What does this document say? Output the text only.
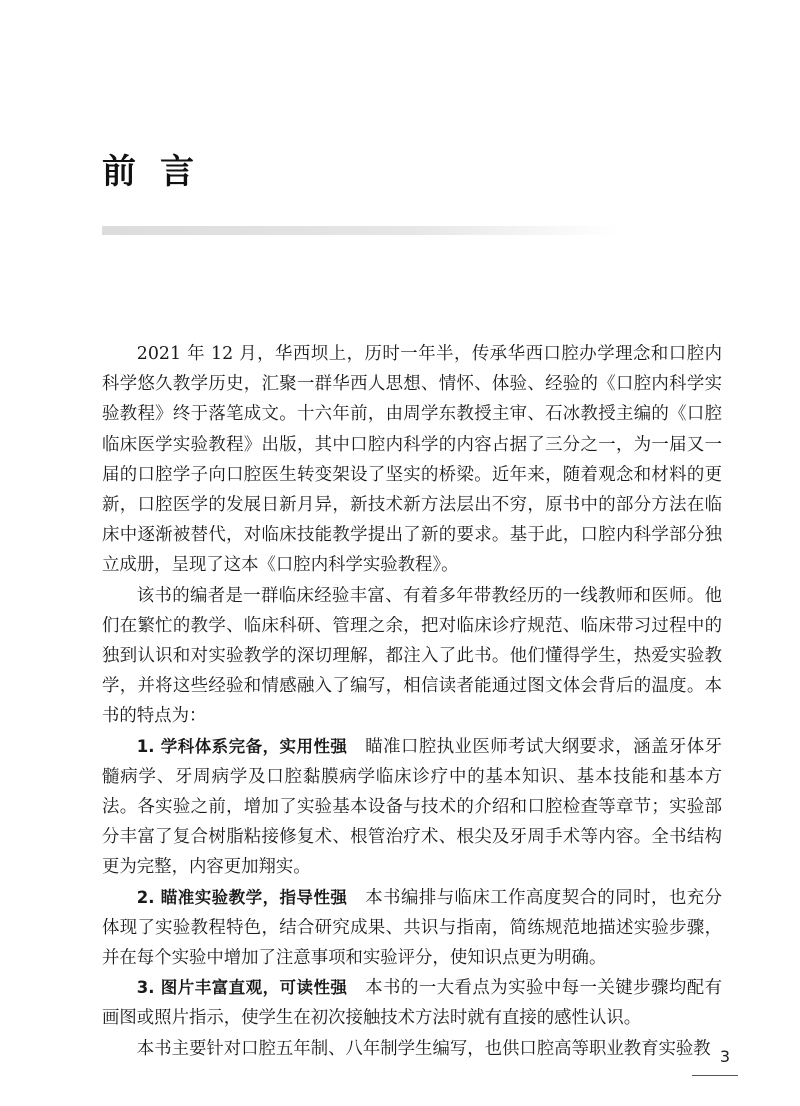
前言

2021 年 12 月，华西坝上，历时一年半，传承华西口腔办学理念和口腔内科学悠久教学历史，汇聚一群华西人思想、情怀、体验、经验的《口腔内科学实验教程》终于落笔成文。十六年前，由周学东教授主审、石冰教授主编的《口腔临床医学实验教程》出版，其中口腔内科学的内容占据了三分之一，为一届又一届的口腔学子向口腔医生转变架设了坚实的桥梁。近年来，随着观念和材料的更新，口腔医学的发展日新月异，新技术新方法层出不穷，原书中的部分方法在临床中逐渐被替代，对临床技能教学提出了新的要求。基于此，口腔内科学部分独立成册，呈现了这本《口腔内科学实验教程》。

该书的编者是一群临床经验丰富、有着多年带教经历的一线教师和医师。他们在繁忙的教学、临床科研、管理之余，把对临床诊疗规范、临床带习过程中的独到认识和对实验教学的深切理解，都注入了此书。他们懂得学生，热爱实验教学，并将这些经验和情感融入了编写，相信读者能通过图文体会背后的温度。本书的特点为：

1. 学科体系完备，实用性强　 瞄准口腔执业医师考试大纲要求，涵盖牙体牙髓病学、牙周病学及口腔黏膜病学临床诊疗中的基本知识、基本技能和基本方法。各实验之前，增加了实验基本设备与技术的介绍和口腔检查等章节；实验部分丰富了复合树脂粘接修复术、根管治疗术、根尖及牙周手术等内容。全书结构更为完整，内容更加翔实。

2. 瞄准实验教学，指导性强　 本书编排与临床工作高度契合的同时，也充分体现了实验教程特色，结合研究成果、共识与指南，简练规范地描述实验步骤，并在每个实验中增加了注意事项和实验评分，使知识点更为明确。

3. 图片丰富直观，可读性强　 本书的一大看点为实验中每一关键步骤均配有画图或照片指示，使学生在初次接触技术方法时就有直接的感性认识。

本书主要针对口腔五年制、八年制学生编写，也供口腔高等职业教育实验教 3
